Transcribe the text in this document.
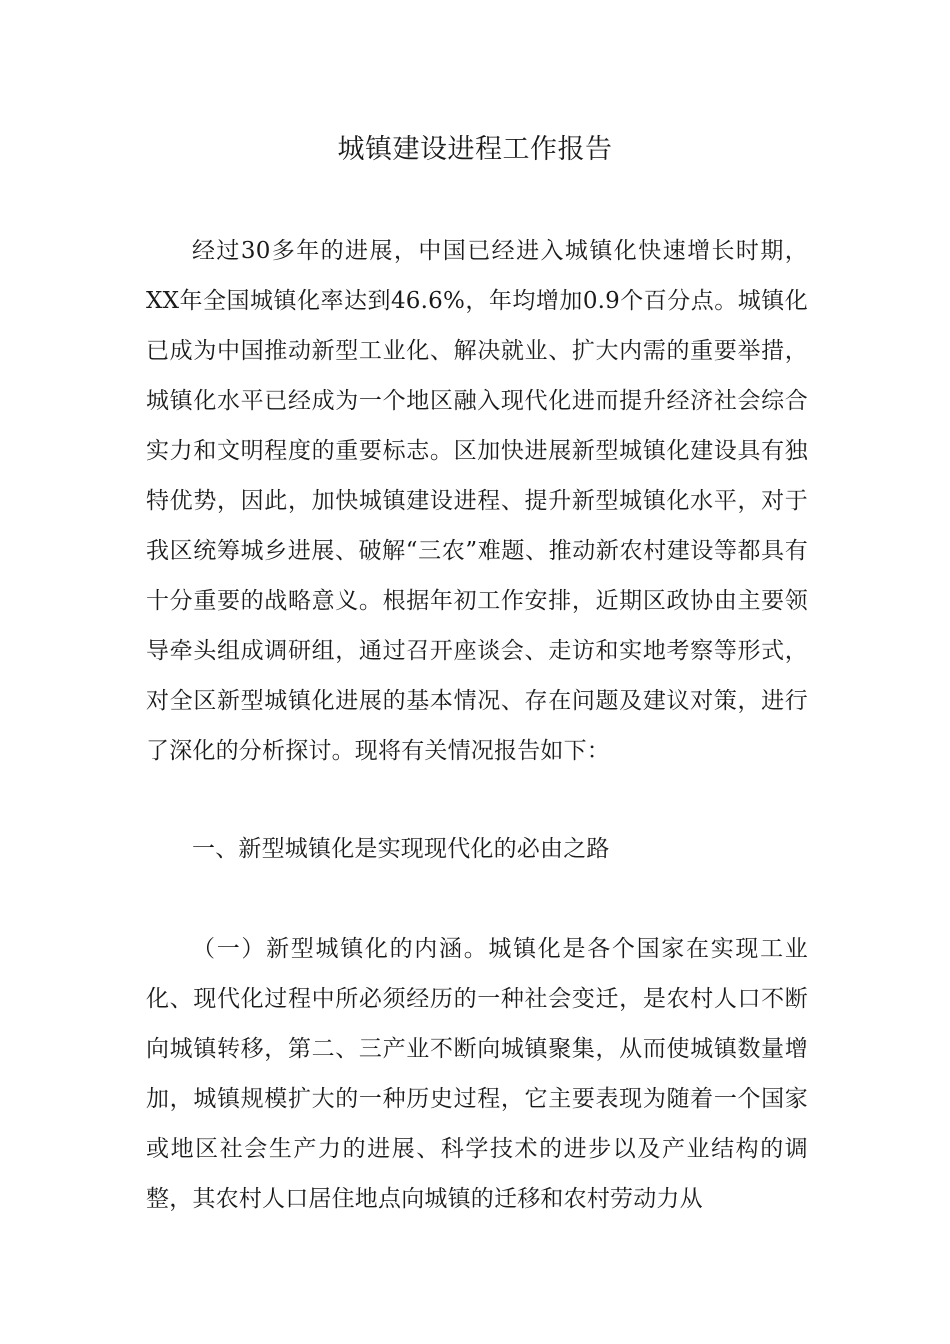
城镇建设进程工作报告

经过30多年的进展，中国已经进入城镇化快速增长时期，XX年全国城镇化率达到46.6%，年均增加0.9个百分点。城镇化已成为中国推动新型工业化、解决就业、扩大内需的重要举措，城镇化水平已经成为一个地区融入现代化进而提升经济社会综合实力和文明程度的重要标志。区加快进展新型城镇化建设具有独特优势，因此，加快城镇建设进程、提升新型城镇化水平，对于我区统筹城乡进展、破解“三农”难题、推动新农村建设等都具有十分重要的战略意义。根据年初工作安排，近期区政协由主要领导牵头组成调研组，通过召开座谈会、走访和实地考察等形式，对全区新型城镇化进展的基本情况、存在问题及建议对策，进行了深化的分析探讨。现将有关情况报告如下：

一、新型城镇化是实现现代化的必由之路

（一）新型城镇化的内涵。城镇化是各个国家在实现工业化、现代化过程中所必须经历的一种社会变迁，是农村人口不断向城镇转移，第二、三产业不断向城镇聚集，从而使城镇数量增加，城镇规模扩大的一种历史过程，它主要表现为随着一个国家或地区社会生产力的进展、科学技术的进步以及产业结构的调整，其农村人口居住地点向城镇的迁移和农村劳动力从
